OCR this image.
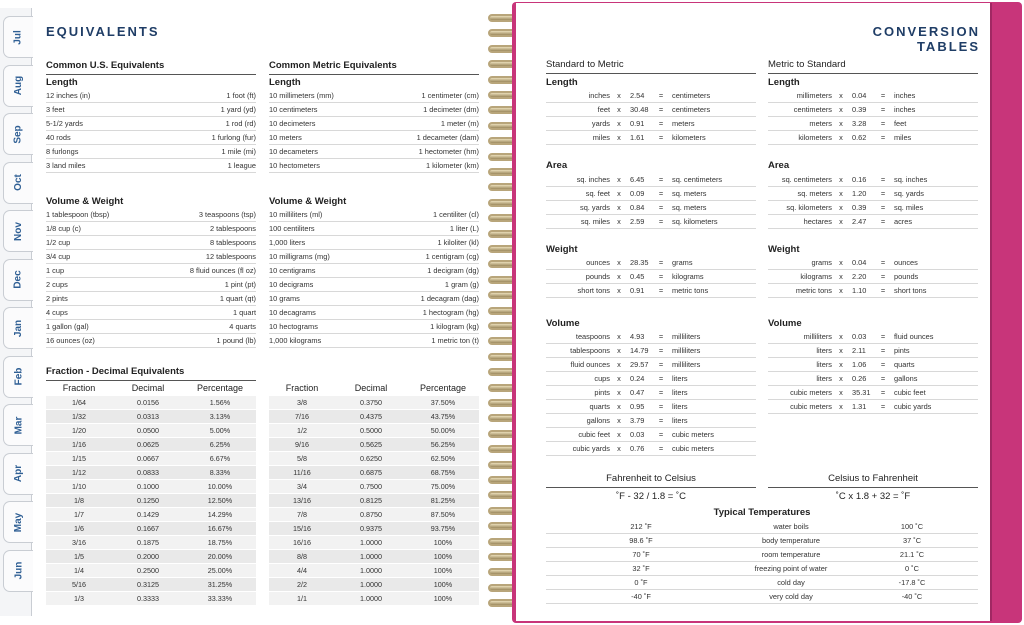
Jul
Aug
Sep
Oct
Nov
Dec
Jan
Feb
Mar
Apr
May
Jun
EQUIVALENTS
Common U.S. Equivalents	Common Metric Equivalents
Length	Length
12 inches (in)	1 foot (ft)
3 feet	1 yard (yd)
5-1/2 yards	1 rod (rd)
40 rods	1 furlong (fur)
8 furlongs	1 mile (mi)
3 land miles	1 league
10 millimeters (mm)	1 centimeter (cm)
10 centimeters	1 decimeter (dm)
10 decimeters	1 meter (m)
10 meters	1 decameter (dam)
10 decameters	1 hectometer (hm)
10 hectometers	1 kilometer (km)
Volume & Weight	Volume & Weight
1 tablespoon (tbsp)	3 teaspoons (tsp)
1/8 cup (c)	2 tablespoons
1/2 cup	8 tablespoons
3/4 cup	12 tablespoons
1 cup	8 fluid ounces (fl oz)
2 cups	1 pint (pt)
2 pints	1 quart (qt)
4 cups	1 quart
1 gallon (gal)	4 quarts
16 ounces (oz)	1 pound (lb)
10 milliliters (ml)	1 centiliter (cl)
100 centiliters	1 liter (L)
1,000 liters	1 kiloliter (kl)
10 milligrams (mg)	1 centigram (cg)
10 centigrams	1 decigram (dg)
10 decigrams	1 gram (g)
10 grams	1 decagram (dag)
10 decagrams	1 hectogram (hg)
10 hectograms	1 kilogram (kg)
1,000 kilograms	1 metric ton (t)
Fraction - Decimal Equivalents
Fraction	Decimal	Percentage	Fraction	Decimal	Percentage
1/64	0.0156	1.56%
1/32	0.0313	3.13%
1/20	0.0500	5.00%
1/16	0.0625	6.25%
1/15	0.0667	6.67%
1/12	0.0833	8.33%
1/10	0.1000	10.00%
1/8	0.1250	12.50%
1/7	0.1429	14.29%
1/6	0.1667	16.67%
3/16	0.1875	18.75%
1/5	0.2000	20.00%
1/4	0.2500	25.00%
5/16	0.3125	31.25%
1/3	0.3333	33.33%
3/8	0.3750	37.50%
7/16	0.4375	43.75%
1/2	0.5000	50.00%
9/16	0.5625	56.25%
5/8	0.6250	62.50%
11/16	0.6875	68.75%
3/4	0.7500	75.00%
13/16	0.8125	81.25%
7/8	0.8750	87.50%
15/16	0.9375	93.75%
16/16	1.0000	100%
8/8	1.0000	100%
4/4	1.0000	100%
2/2	1.0000	100%
1/1	1.0000	100%
CONVERSION TABLES
Standard to Metric	Metric to Standard
Length	Length
Area	Area
Weight	Weight
Volume	Volume
Fahrenheit to Celsius
˚F - 32 / 1.8 = ˚C
Celsius to Fahrenheit
˚C x 1.8 + 32 = ˚F
Typical Temperatures
inches x	2.54	=	centimeters
feet x	30.48	=	centimeters
yards x	0.91	=	meters
miles x	1.61	=	kilometers
millimeters x	0.04	=	inches
centimeters x	0.39	=	inches
meters x	3.28	=	feet
kilometers x	0.62	=	miles
sq. inches x	6.45	=	sq. centimeters
sq. feet x	0.09	=	sq. meters
sq. yards x	0.84	=	sq. meters
sq. miles x	2.59	=	sq. kilometers
sq. centimeters x	0.16	=	sq. inches
sq. meters x	1.20	=	sq. yards
sq. kilometers x	0.39	=	sq. miles
hectares x	2.47	=	acres
ounces x	28.35	=	grams
pounds x	0.45	=	kilograms
short tons x	0.91	=	metric tons
grams x	0.04	=	ounces
kilograms x	2.20	=	pounds
metric tons x	1.10	=	short tons
teaspoons x	4.93	=	milliliters
tablespoons x	14.79	=	milliliters
fluid ounces x	29.57	=	milliliters
cups x	0.24	=	liters
pints x	0.47	=	liters
quarts x	0.95	=	liters
gallons x	3.79	=	liters
cubic feet x	0.03	=	cubic meters
cubic yards x	0.76	=	cubic meters
milliliters x	0.03	=	fluid ounces
liters x	2.11	=	pints
liters x	1.06	=	quarts
liters x	0.26	=	gallons
cubic meters x	35.31	=	cubic feet
cubic meters x	1.31	=	cubic yards
212 ˚F	water boils	100 ˚C
98.6 ˚F	body temperature	37 ˚C
70 ˚F	room temperature	21.1 ˚C
32 ˚F	freezing point of water	0 ˚C
0 ˚F	cold day	-17.8 ˚C
-40 ˚F	very cold day	-40 ˚C
